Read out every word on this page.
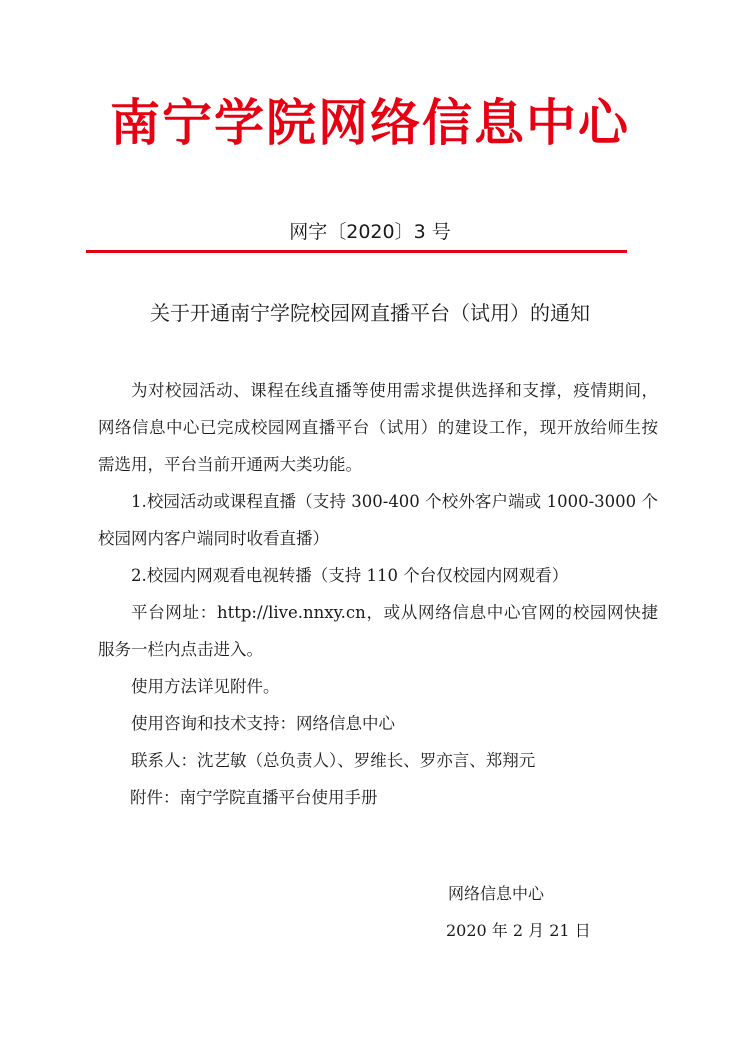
南宁学院网络信息中心
网字〔2020〕3 号
关于开通南宁学院校园网直播平台（试用）的通知

为对校园活动、课程在线直播等使用需求提供选择和支撑，疫情期间，网络信息中心已完成校园网直播平台（试用）的建设工作，现开放给师生按需选用，平台当前开通两大类功能。

1.校园活动或课程直播（支持 300-400 个校外客户端或 1000-3000 个校园网内客户端同时收看直播）

2.校园内网观看电视转播（支持 110 个台仅校园内网观看）

平台网址：http://live.nnxy.cn，或从网络信息中心官网的校园网快捷服务一栏内点击进入。

使用方法详见附件。

使用咨询和技术支持：网络信息中心

联系人：沈艺敏（总负责人）、罗维长、罗亦言、郑翔元

附件：南宁学院直播平台使用手册

网络信息中心
2020 年 2 月 21 日
